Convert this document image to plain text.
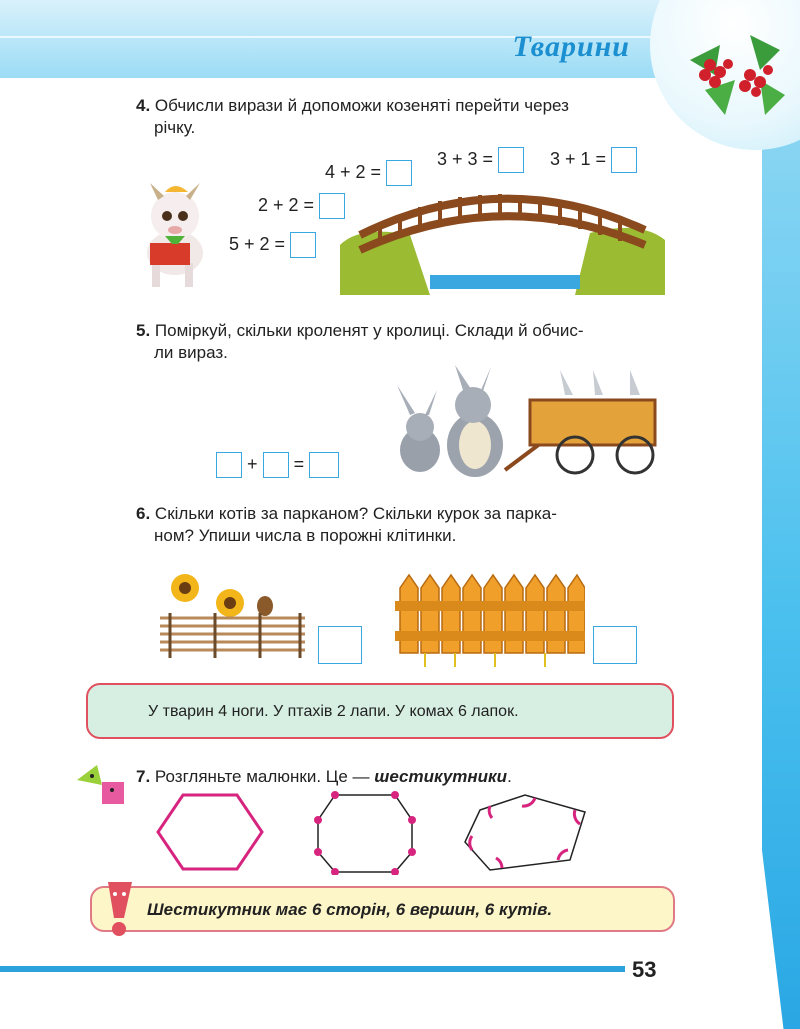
Тварини
4. Обчисли вирази й допоможи козеняті перейти через
річку.
4 + 2 =
3 + 3 =	3 + 1 =
2 + 2 =
5 + 2 =
5. Поміркуй, скільки кроленят у кролиці. Склади й обчис-
ли вираз.
+ =
6. Скільки котів за парканом? Скільки курок за парка-
ном? Упиши числа в порожні клітинки.
У тварин 4 ноги. У птахів 2 лапи. У комах 6 лапок.
7. Розгляньте малюнки. Це — шестикутники.
Шестикутник має 6 сторін, 6 вершин, 6 кутів.
53
